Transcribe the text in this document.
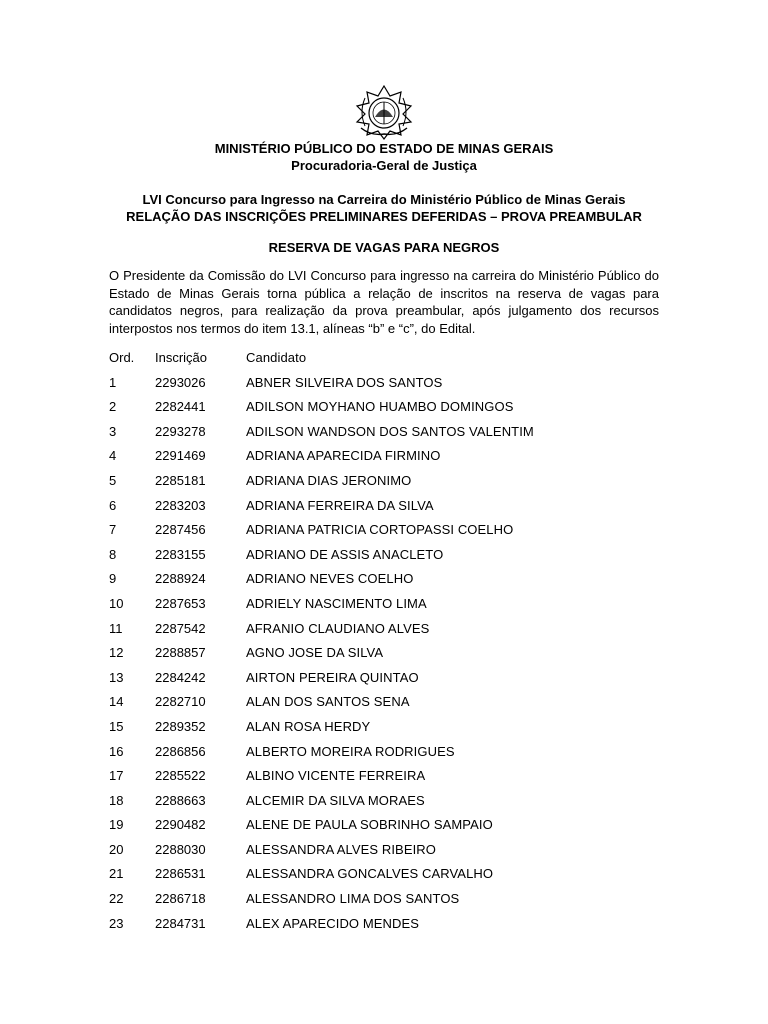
MINISTÉRIO PÚBLICO DO ESTADO DE MINAS GERAIS
Procuradoria-Geral de Justiça
LVI Concurso para Ingresso na Carreira do Ministério Público de Minas Gerais
RELAÇÃO DAS INSCRIÇÕES PRELIMINARES DEFERIDAS – PROVA PREAMBULAR
RESERVA DE VAGAS PARA NEGROS
O Presidente da Comissão do LVI Concurso para ingresso na carreira do Ministério Público do Estado de Minas Gerais torna pública a relação de inscritos na reserva de vagas para candidatos negros, para realização da prova preambular, após julgamento dos recursos interpostos nos termos do item 13.1, alíneas “b” e “c”, do Edital.
Ord. Inscrição	Candidato
1	2293026	ABNER SILVEIRA DOS SANTOS
2	2282441	ADILSON MOYHANO HUAMBO DOMINGOS
3	2293278	ADILSON WANDSON DOS SANTOS VALENTIM
4	2291469	ADRIANA APARECIDA FIRMINO
5	2285181	ADRIANA DIAS JERONIMO
6	2283203	ADRIANA FERREIRA DA SILVA
7	2287456	ADRIANA PATRICIA CORTOPASSI COELHO
8	2283155	ADRIANO DE ASSIS ANACLETO
9	2288924	ADRIANO NEVES COELHO
10 2287653	ADRIELY NASCIMENTO LIMA
11	2287542	AFRANIO CLAUDIANO ALVES
12 2288857	AGNO JOSE DA SILVA
13 2284242	AIRTON PEREIRA QUINTAO
14 2282710	ALAN DOS SANTOS SENA
15 2289352	ALAN ROSA HERDY
16 2286856	ALBERTO MOREIRA RODRIGUES
17 2285522	ALBINO VICENTE FERREIRA
18 2288663	ALCEMIR DA SILVA MORAES
19 2290482	ALENE DE PAULA SOBRINHO SAMPAIO
20 2288030	ALESSANDRA ALVES RIBEIRO
21 2286531	ALESSANDRA GONCALVES CARVALHO
22 2286718	ALESSANDRO LIMA DOS SANTOS
23 2284731	ALEX APARECIDO MENDES
